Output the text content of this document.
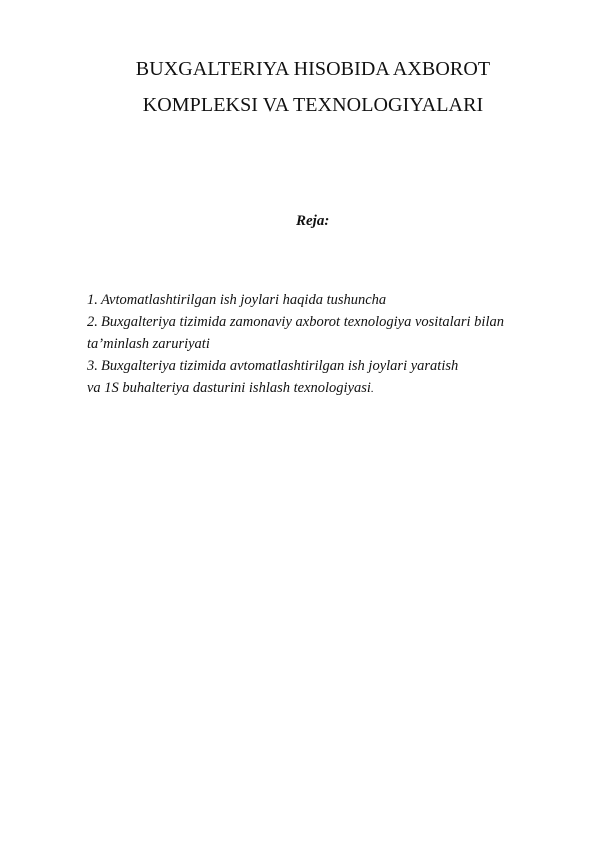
BUXGALTERIYA HISOBIDA AXBOROT
KOMPLEKSI VA TEXNOLOGIYALARI
Reja:
1. Avtomatlashtirilgan ish joylari haqida tushuncha
2. Buxgalteriya tizimida zamonaviy axborot texnologiya vositalari bilan
ta’minlash zaruriyati
3. Buxgalteriya tizimida avtomatlashtirilgan ish joylari yaratish
va 1S buhalteriya dasturini ishlash texnologiyasi.
